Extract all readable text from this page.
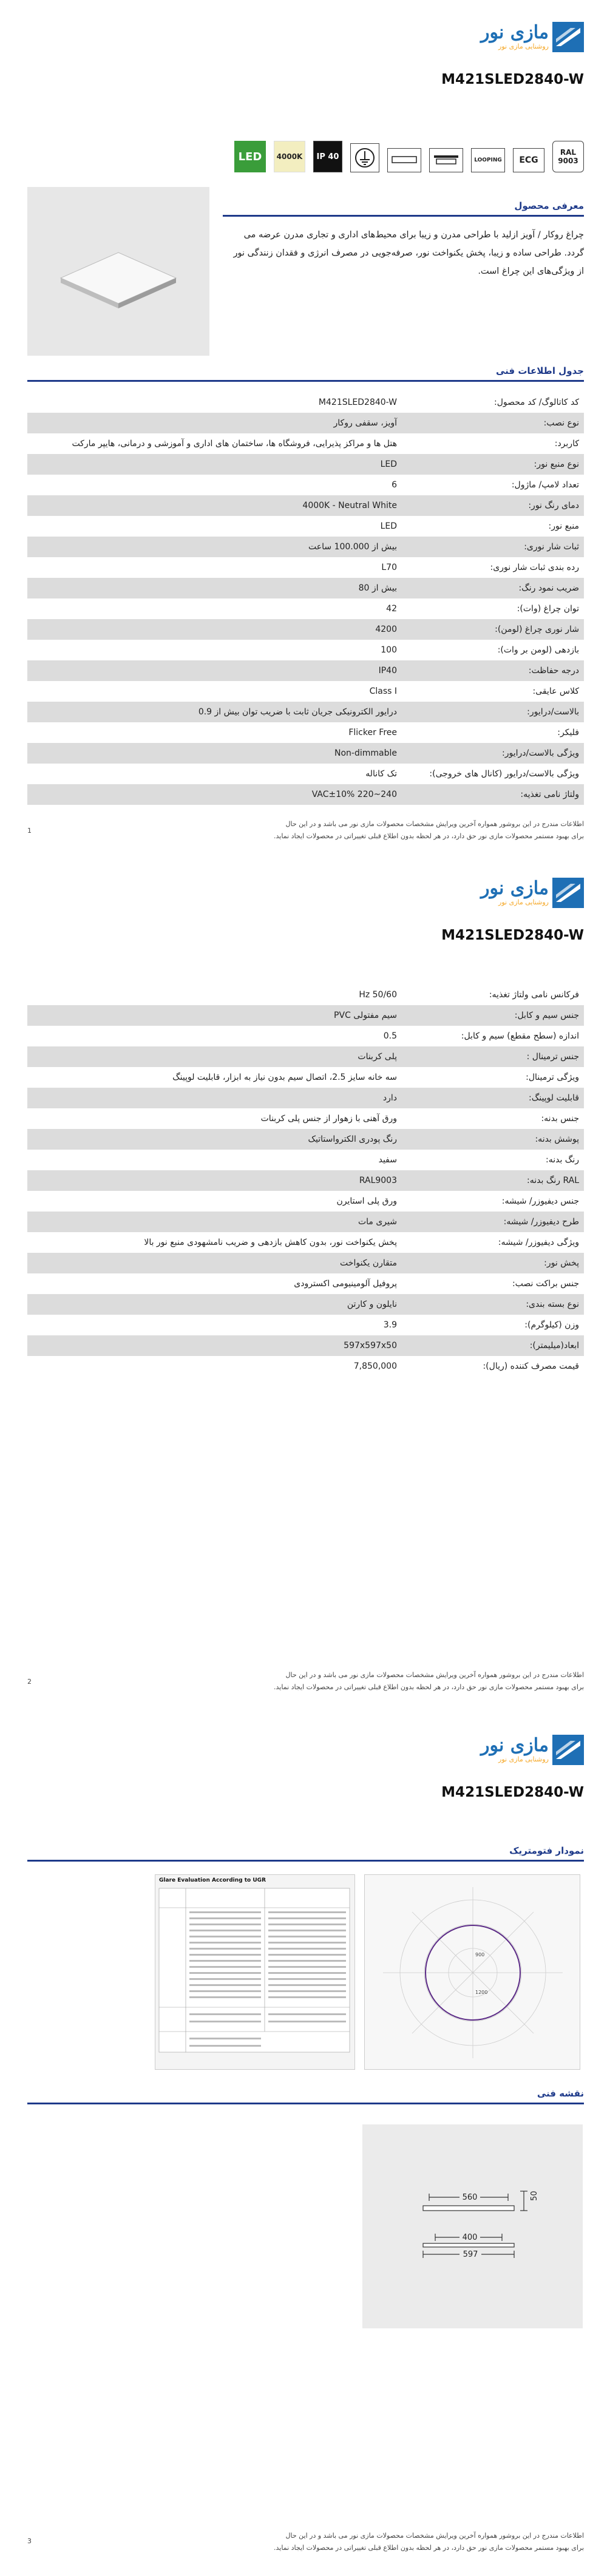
مازی نور
روشنایی مازی نور
M421SLED2840-W
LED	4000K	IP 40	LOOPING	ECG
RAL 9003
معرفی محصول
چراغ روکار / آویز ازلید با طراحی مدرن و زیبا برای محیط‌های اداری و تجاری مدرن عرضه می گردد. طراحی ساده و زیبا، پخش یکنواخت نور، صرفه‌جویی در مصرف انرژی و فقدان زنندگی نور از ویژگی‌های این چراغ است.
جدول اطلاعات فنی
کد کاتالوگ/ کد محصول:	M421SLED2840-W
نوع نصب:	آویز، سقفی روکار
کاربرد:	هتل ها و مراکز پذیرایی، فروشگاه ها، ساختمان های اداری و آموزشی و درمانی، هایپر مارکت
نوع منبع نور:	LED
تعداد لامپ/ ماژول:	6
دمای رنگ نور:	4000K - Neutral White
منبع نور:	LED
ثبات شار نوری:	بیش از 100.000 ساعت
رده بندی ثبات شار نوری:	L70
ضریب نمود رنگ:	بیش از 80
توان چراغ (وات):	42
شار نوری چراغ (لومن):	4200
بازدهی (لومن بر وات):	100
درجه حفاظت:	IP40
کلاس عایقی:	Class I
بالاست/درایور:	درایور الکترونیکی جریان ثابت با ضریب توان بیش از 0.9
فلیکر:	Flicker Free
ویژگی بالاست/درایور:	Non-dimmable
ویژگی بالاست/درایور (کانال های خروجی):	تک کاناله
ولتاژ نامی تغذیه:	240~220 VAC±10%
1
اطلاعات مندرج در این بروشور همواره آخرین ویرایش مشخصات محصولات مازی نور می باشد و در این حال
برای بهبود مستمر محصولات مازی نور حق دارد، در هر لحظه بدون اطلاع قبلی تغییراتی در محصولات ایجاد نماید.
مازی نور
روشنایی مازی نور
M421SLED2840-W
فرکانس نامی ولتاژ تغذیه:	Hz 50/60
جنس سیم و کابل:	سیم مفتولی PVC
اندازه (سطح مقطع) سیم و کابل:	0.5
جنس ترمینال :	پلی کربنات
ویژگی ترمینال:	سه خانه سایز 2.5، اتصال سیم بدون نیاز به ابزار، قابلیت لوپینگ
قابلیت لوپینگ:	دارد
جنس بدنه:	ورق آهنی با زهوار از جنس پلی کربنات
پوشش بدنه:	رنگ پودری الکترواستاتیک
رنگ بدنه:	سفید
RAL رنگ بدنه:	RAL9003
جنس دیفیوزر/ شیشه:	ورق پلی استایرن
طرح دیفیوزر/ شیشه:	شیری مات
ویژگی دیفیوزر/ شیشه:	پخش یکنواخت نور، بدون کاهش بازدهی و ضریب نامشهودی منبع نور بالا
پخش نور:	متقارن یکنواخت
جنس براکت نصب:	پروفیل آلومینیومی اکسترودی
نوع بسته بندی:	نایلون و کارتن
وزن (کیلوگرم):	3.9
ابعاد(میلیمتر):	597x597x50
قیمت مصرف کننده (ریال):	7,850,000
2
اطلاعات مندرج در این بروشور همواره آخرین ویرایش مشخصات محصولات مازی نور می باشد و در این حال
برای بهبود مستمر محصولات مازی نور حق دارد، در هر لحظه بدون اطلاع قبلی تغییراتی در محصولات ایجاد نماید.
مازی نور
روشنایی مازی نور
M421SLED2840-W
نمودار فتومتریک
Glare Evaluation According to UGR
900
1200
نقشه فنی
560	50
400
597
3
اطلاعات مندرج در این بروشور همواره آخرین ویرایش مشخصات محصولات مازی نور می باشد و در این حال
برای بهبود مستمر محصولات مازی نور حق دارد، در هر لحظه بدون اطلاع قبلی تغییراتی در محصولات ایجاد نماید.
